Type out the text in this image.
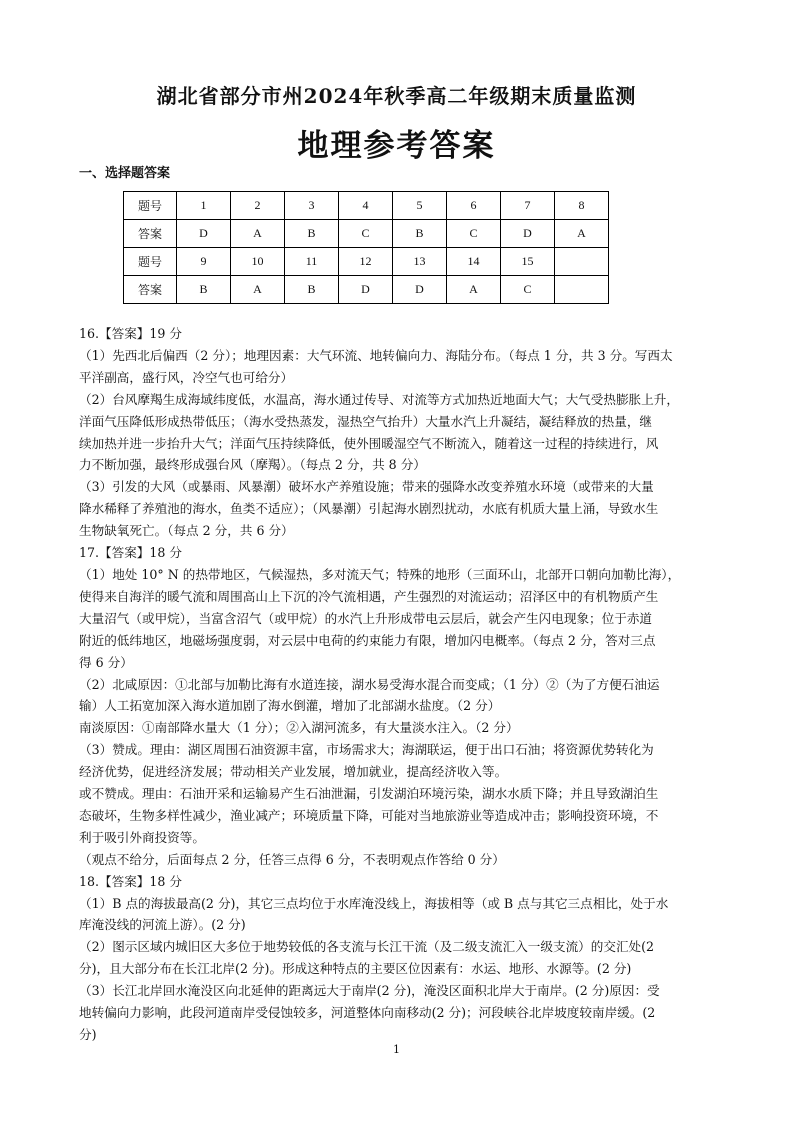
湖北省部分市州2024年秋季高二年级期末质量监测
地理参考答案
一、选择题答案
题号	1	2	3	4	5	6	7	8
答案	D	A	B	C	B	C	D	A
题号	9	10	11	12	13	14	15	
答案	B	A	B	D	D	A	C	

16.【答案】19 分

（1）先西北后偏西（2 分）；地理因素：大气环流、地转偏向力、海陆分布。（每点 1 分，共 3 分。写西太

平洋副高，盛行风，冷空气也可给分）

（2）台风摩羯生成海域纬度低，水温高，海水通过传导、对流等方式加热近地面大气；大气受热膨胀上升，

洋面气压降低形成热带低压；（海水受热蒸发，湿热空气抬升）大量水汽上升凝结，凝结释放的热量，继

续加热并进一步抬升大气；洋面气压持续降低，使外围暖湿空气不断流入，随着这一过程的持续进行，风

力不断加强，最终形成强台风（摩羯）。（每点 2 分，共 8 分）

（3）引发的大风（或暴雨、风暴潮）破坏水产养殖设施；带来的强降水改变养殖水环境（或带来的大量

降水稀释了养殖池的海水，鱼类不适应）；（风暴潮）引起海水剧烈扰动，水底有机质大量上涌，导致水生

生物缺氧死亡。（每点 2 分，共 6 分）

17.【答案】18 分

（1）地处 10° N 的热带地区，气候湿热，多对流天气；特殊的地形（三面环山，北部开口朝向加勒比海），

使得来自海洋的暖气流和周围高山上下沉的冷气流相遇，产生强烈的对流运动；沼泽区中的有机物质产生

大量沼气（或甲烷），当富含沼气（或甲烷）的水汽上升形成带电云层后，就会产生闪电现象；位于赤道

附近的低纬地区，地磁场强度弱，对云层中电荷的约束能力有限，增加闪电概率。（每点 2 分，答对三点

得 6 分）

（2）北咸原因：①北部与加勒比海有水道连接，湖水易受海水混合而变咸；（1 分）②（为了方便石油运

输）人工拓宽加深入海水道加剧了海水倒灌，增加了北部湖水盐度。（2 分）

南淡原因：①南部降水量大（1 分）；②入湖河流多，有大量淡水注入。（2 分）

（3）赞成。理由：湖区周围石油资源丰富，市场需求大；海湖联运，便于出口石油；将资源优势转化为

经济优势，促进经济发展；带动相关产业发展，增加就业，提高经济收入等。

或不赞成。理由：石油开采和运输易产生石油泄漏，引发湖泊环境污染，湖水水质下降；并且导致湖泊生

态破坏，生物多样性减少，渔业减产；环境质量下降，可能对当地旅游业等造成冲击；影响投资环境，不

利于吸引外商投资等。

（观点不给分，后面每点 2 分，任答三点得 6 分，不表明观点作答给 0 分）

18.【答案】18 分

（1）B 点的海拔最高(2 分)，其它三点均位于水库淹没线上，海拔相等（或 B 点与其它三点相比，处于水

库淹没线的河流上游）。(2 分)

（2）图示区域内城旧区大多位于地势较低的各支流与长江干流（及二级支流汇入一级支流）的交汇处(2

分)，且大部分布在长江北岸(2 分)。形成这种特点的主要区位因素有：水运、地形、水源等。(2 分)

（3）长江北岸回水淹没区向北延伸的距离远大于南岸(2 分)，淹没区面积北岸大于南岸。(2 分)原因：受

地转偏向力影响，此段河道南岸受侵蚀较多，河道整体向南移动(2 分)；河段峡谷北岸坡度较南岸缓。(2

分)

1
